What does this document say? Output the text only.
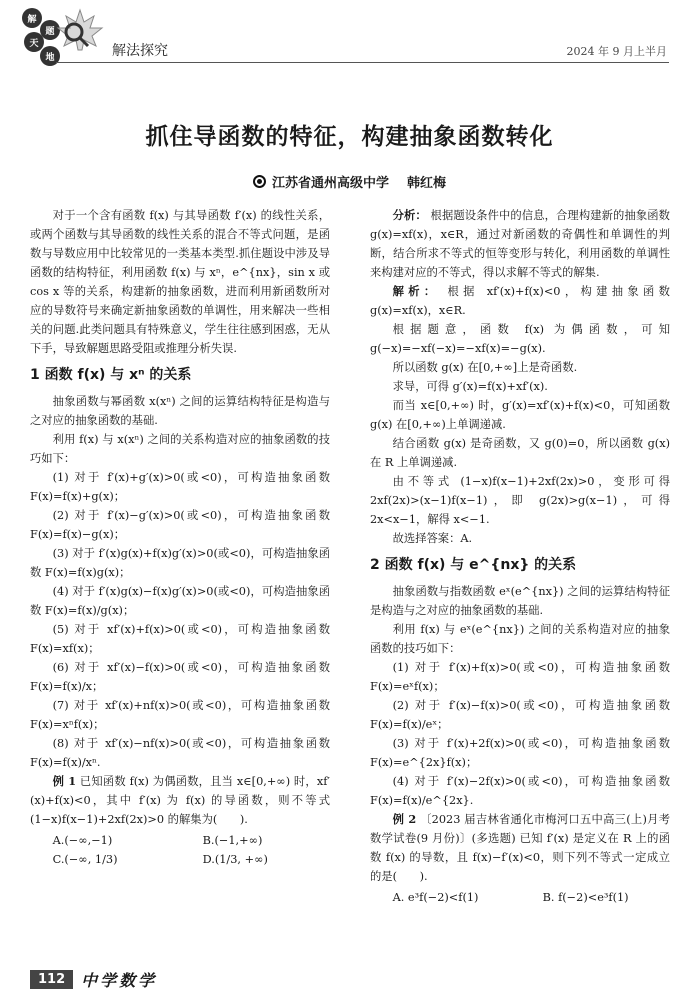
解
题
天
地	解法探究	2024 年 9 月上半月
抓住导函数的特征，构建抽象函数转化
江苏省通州高级中学 韩红梅

对于一个含有函数 f(x) 与其导函数 f′(x) 的线性关系，或两个函数与其导函数的线性关系的混合不等式问题，是函数与导数应用中比较常见的一类基本类型.抓住题设中涉及导函数的结构特征，利用函数 f(x) 与 xⁿ，e^{nx}，sin x 或 cos x 等的关系，构建新的抽象函数，进而利用新函数所对应的导数符号来确定新抽象函数的单调性，用来解决一些相关的问题.此类问题具有特殊意义，学生往往感到困惑，无从下手，导致解题思路受阻或推理分析失误.

1 函数 f(x) 与 xⁿ 的关系

抽象函数与幂函数 x(xⁿ) 之间的运算结构特征是构造与之对应的抽象函数的基础.

利用 f(x) 与 x(xⁿ) 之间的关系构造对应的抽象函数的技巧如下：

(1) 对于 f′(x)+g′(x)>0(或<0)，可构造抽象函数 F(x)=f(x)+g(x)；

(2) 对于 f′(x)−g′(x)>0(或<0)，可构造抽象函数 F(x)=f(x)−g(x)；

(3) 对于 f′(x)g(x)+f(x)g′(x)>0(或<0)，可构造抽象函数 F(x)=f(x)g(x)；

(4) 对于 f′(x)g(x)−f(x)g′(x)>0(或<0)，可构造抽象函数 F(x)=f(x)/g(x)；

(5) 对于 xf′(x)+f(x)>0(或<0)，可构造抽象函数 F(x)=xf(x)；

(6) 对于 xf′(x)−f(x)>0(或<0)，可构造抽象函数 F(x)=f(x)/x；

(7) 对于 xf′(x)+nf(x)>0(或<0)，可构造抽象函数 F(x)=xⁿf(x)；

(8) 对于 xf′(x)−nf(x)>0(或<0)，可构造抽象函数 F(x)=f(x)/xⁿ.

例 1 已知函数 f(x) 为偶函数，且当 x∈[0,+∞) 时，xf′(x)+f(x)<0，其中 f′(x) 为 f(x) 的导函数，则不等式 (1−x)f(x−1)+2xf(2x)>0 的解集为(　　).

A.(−∞,−1)	B.(−1,+∞)
C.(−∞, 1/3)	D.(1/3, +∞)

分析： 根据题设条件中的信息，合理构建新的抽象函数 g(x)=xf(x)，x∈R，通过对新函数的奇偶性和单调性的判断，结合所求不等式的恒等变形与转化，利用函数的单调性来构建对应的不等式，得以求解不等式的解集.

解析： 根据 xf′(x)+f(x)<0，构建抽象函数 g(x)=xf(x)，x∈R.

根据题意，函数 f(x) 为偶函数，可知 g(−x)=−xf(−x)=−xf(x)=−g(x).

所以函数 g(x) 在[0,+∞]上是奇函数.

求导，可得 g′(x)=f(x)+xf′(x).

而当 x∈[0,+∞) 时，g′(x)=xf′(x)+f(x)<0，可知函数 g(x) 在[0,+∞)上单调递减.

结合函数 g(x) 是奇函数，又 g(0)=0，所以函数 g(x) 在 R 上单调递减.

由不等式 (1−x)f(x−1)+2xf(2x)>0，变形可得 2xf(2x)>(x−1)f(x−1)，即 g(2x)>g(x−1)，可得 2x<x−1，解得 x<−1.

故选择答案：A.

2 函数 f(x) 与 e^{nx} 的关系

抽象函数与指数函数 eˣ(e^{nx}) 之间的运算结构特征是构造与之对应的抽象函数的基础.

利用 f(x) 与 eˣ(e^{nx}) 之间的关系构造对应的抽象函数的技巧如下：

(1) 对于 f′(x)+f(x)>0(或<0)，可构造抽象函数 F(x)=eˣf(x)；

(2) 对于 f′(x)−f(x)>0(或<0)，可构造抽象函数 F(x)=f(x)/eˣ；

(3) 对于 f′(x)+2f(x)>0(或<0)，可构造抽象函数 F(x)=e^{2x}f(x)；

(4) 对于 f′(x)−2f(x)>0(或<0)，可构造抽象函数 F(x)=f(x)/e^{2x}.

例 2 〔2023 届吉林省通化市梅河口五中高三(上)月考数学试卷(9 月份)〕(多选题) 已知 f′(x) 是定义在 R 上的函数 f(x) 的导数，且 f(x)−f′(x)<0，则下列不等式一定成立的是(　　).

A. e³f(−2)<f(1)	B. f(−2)<e³f(1)
112	中学数学
